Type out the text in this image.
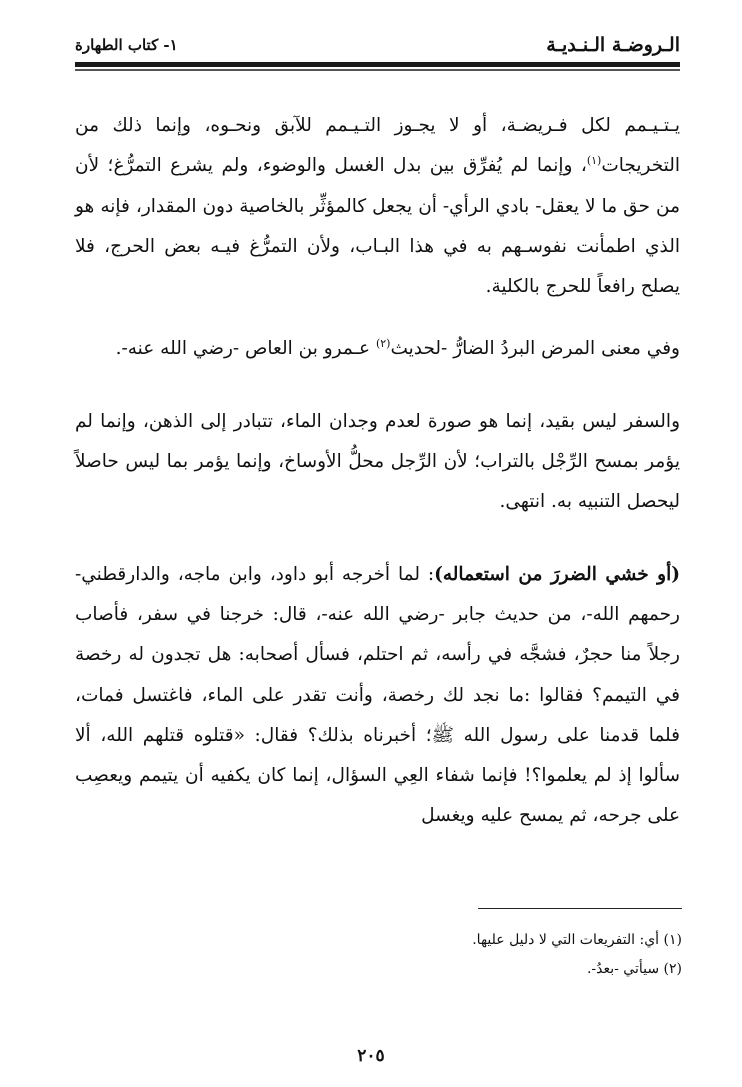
الـروضـة الـنـديـة
١- كتاب الطهارة

يـتـيـمم لكل فـريضـة، أو لا يجـوز التـيـمم للآبق ونحـوه، وإنما ذلك من التخريجات$^{(١)}$، وإنما لم يُفرِّق بين بدل الغسل والوضوء، ولم يشرع التمرُّغ؛ لأن من حق ما لا يعقل- بادي الرأي- أن يجعل كالمؤثِّر بالخاصية دون المقدار، فإنه هو الذي اطمأنت نفوسـهم به في هذا البـاب، ولأن التمرُّغ فيـه بعض الحرج، فلا يصلح رافعاً للحرج بالكلية.

وفي معنى المرض البردُ الضارُّ -لحديث$^{(٢)}$ عـمرو بن العاص -رضي الله عنه-.

والسفر ليس بقيد، إنما هو صورة لعدم وجدان الماء، تتبادر إلى الذهن، وإنما لم يؤمر بمسح الرِّجْل بالتراب؛ لأن الرِّجل محلُّ الأوساخ، وإنما يؤمر بما ليس حاصلاً ليحصل التنبيه به. انتهى.

(أو خشي الضررَ من استعماله): لما أخرجه أبو داود، وابن ماجه، والدارقطني- رحمهم الله-، من حديث جابر -رضي الله عنه-، قال: خرجنا في سفر، فأصاب رجلاً منا حجرٌ، فشجَّه في رأسه، ثم احتلم، فسأل أصحابه: هل تجدون له رخصة في التيمم؟ فقالوا :ما نجد لك رخصة، وأنت تقدر على الماء، فاغتسل فمات، فلما قدمنا على رسول الله ﷺ؛ أخبرناه بذلك؟ فقال: «قتلوه قتلهم الله، ألا سألوا إذ لم يعلموا؟! فإنما شفاء العِي السؤال، إنما كان يكفيه أن يتيمم ويعصِب على جرحه، ثم يمسح عليه ويغسل

(١) أي: التفريعات التي لا دليل عليها.
(٢) سيأتي -بعدُ-.
٢٠٥
